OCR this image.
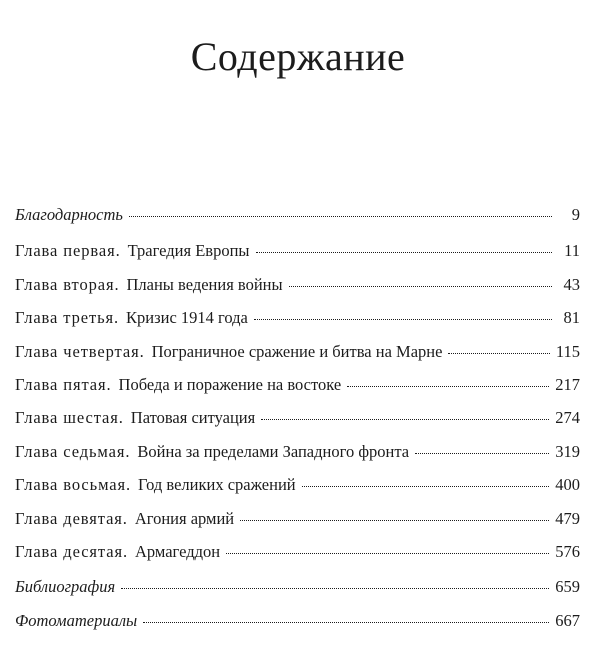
Содержание
Благодарность	9
Глава первая. Трагедия Европы	11
Глава вторая. Планы ведения войны	43
Глава третья. Кризис 1914 года	81
Глава четвертая. Пограничное сражение и битва на Марне	115
Глава пятая. Победа и поражение на востоке	217
Глава шестая. Патовая ситуация	274
Глава седьмая. Война за пределами Западного фронта	319
Глава восьмая. Год великих сражений	400
Глава девятая. Агония армий	479
Глава десятая. Армагеддон	576
Библиография	659
Фотоматериалы	667
